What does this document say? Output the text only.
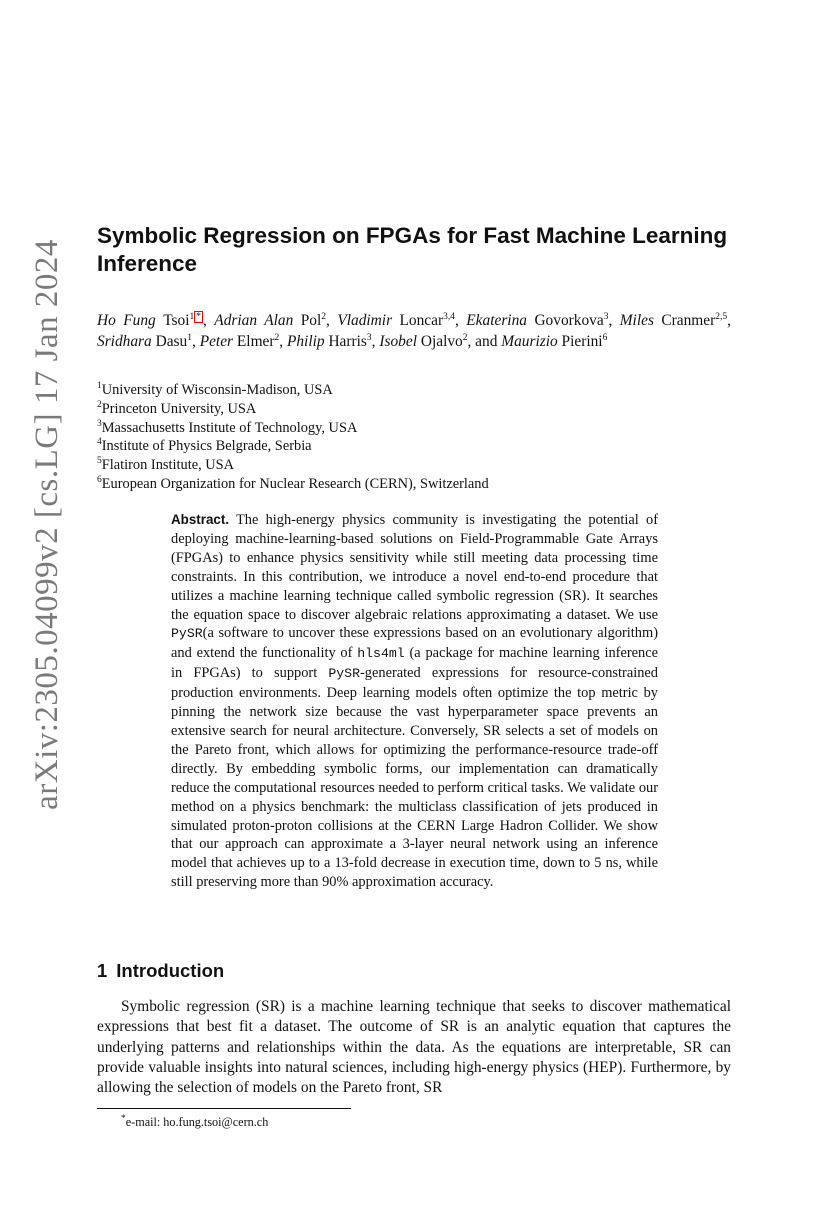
arXiv:2305.04099v2 [cs.LG] 17 Jan 2024
Symbolic Regression on FPGAs for Fast Machine Learning Inference
Ho Fung Tsoi$^1$ * , Adrian Alan Pol$^2$, Vladimir Loncar$^{3,4}$, Ekaterina Govorkova$^3$, Miles Cranmer$^{2,5}$, Sridhara Dasu$^1$, Peter Elmer$^2$, Philip Harris$^3$, Isobel Ojalvo$^2$, and Maurizio Pierini$^6$
$^1$University of Wisconsin-Madison, USA
$^2$Princeton University, USA
$^3$Massachusetts Institute of Technology, USA
$^4$Institute of Physics Belgrade, Serbia
$^5$Flatiron Institute, USA
$^6$European Organization for Nuclear Research (CERN), Switzerland
Abstract. The high-energy physics community is investigating the potential of deploying machine-learning-based solutions on Field-Programmable Gate Arrays (FPGAs) to enhance physics sensitivity while still meeting data processing time constraints. In this contribution, we introduce a novel end-to-end procedure that utilizes a machine learning technique called symbolic regression (SR). It searches the equation space to discover algebraic relations approximating a dataset. We use PySR(a software to uncover these expressions based on an evolutionary algorithm) and extend the functionality of hls4ml (a package for machine learning inference in FPGAs) to support PySR-generated expressions for resource-constrained production environments. Deep learning models often optimize the top metric by pinning the network size because the vast hyperparameter space prevents an extensive search for neural architecture. Conversely, SR selects a set of models on the Pareto front, which allows for optimizing the performance-resource trade-off directly. By embedding symbolic forms, our implementation can dramatically reduce the computational resources needed to perform critical tasks. We validate our method on a physics benchmark: the multiclass classification of jets produced in simulated proton-proton collisions at the CERN Large Hadron Collider. We show that our approach can approximate a 3-layer neural network using an inference model that achieves up to a 13-fold decrease in execution time, down to 5 ns, while still preserving more than 90% approximation accuracy.
1 Introduction

Symbolic regression (SR) is a machine learning technique that seeks to discover mathematical expressions that best fit a dataset. The outcome of SR is an analytic equation that captures the underlying patterns and relationships within the data. As the equations are interpretable, SR can provide valuable insights into natural sciences, including high-energy physics (HEP). Furthermore, by allowing the selection of models on the Pareto front, SR

*e-mail: ho.fung.tsoi@cern.ch
